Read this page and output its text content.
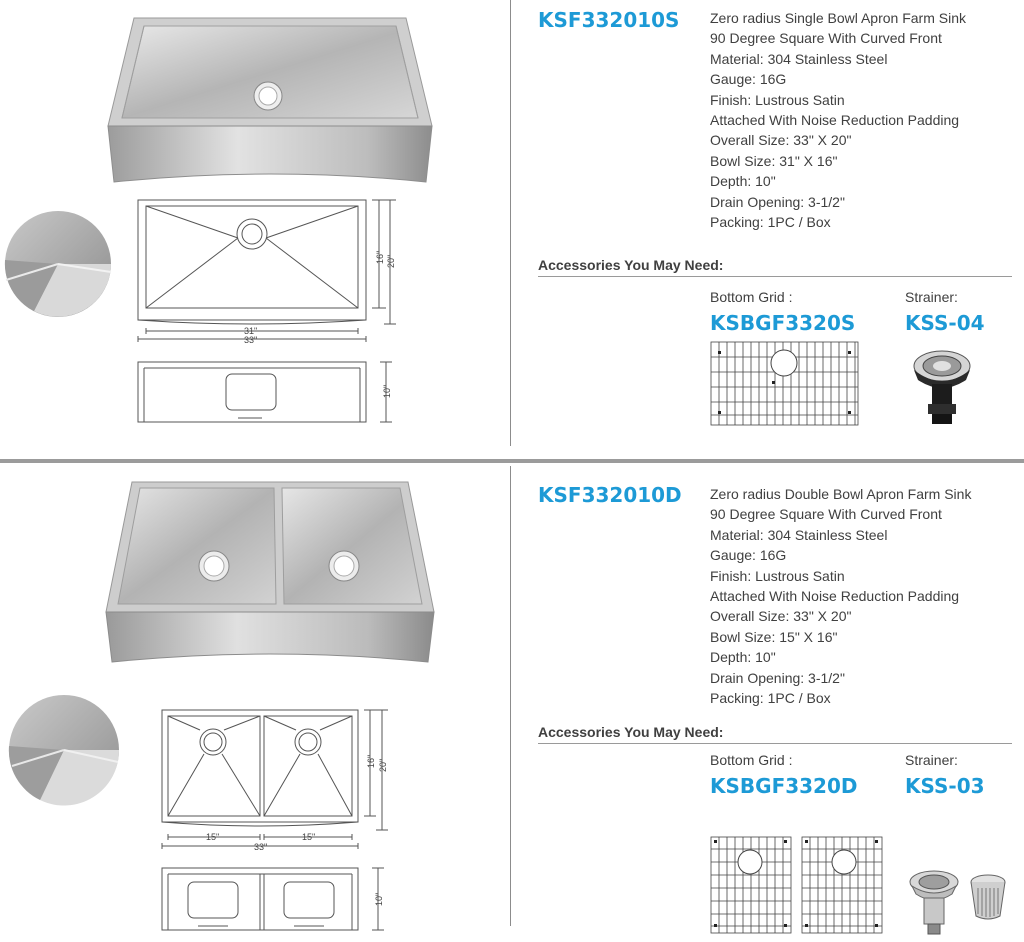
31"
33"
16" 20"
10"
KSF332010S Zero radius Single Bowl Apron Farm Sink
90 Degree Square With Curved Front
Material: 304 Stainless Steel
Gauge: 16G
Finish: Lustrous Satin
Attached With Noise Reduction Padding
Overall Size: 33" X 20"
Bowl Size: 31" X 16"
Depth: 10"
Drain Opening: 3-1/2"
Packing: 1PC / Box
Accessories You May Need:
Bottom Grid :
KSBGF3320S
Strainer:
KSS-04
15"	15"
33"
16" 20"
10"
KSF332010D Zero radius Double Bowl Apron Farm Sink
90 Degree Square With Curved Front
Material: 304 Stainless Steel
Gauge: 16G
Finish: Lustrous Satin
Attached With Noise Reduction Padding
Overall Size: 33" X 20"
Bowl Size: 15" X 16"
Depth: 10"
Drain Opening: 3-1/2"
Packing: 1PC / Box
Accessories You May Need:
Bottom Grid :
KSBGF3320D
Strainer:
KSS-03
